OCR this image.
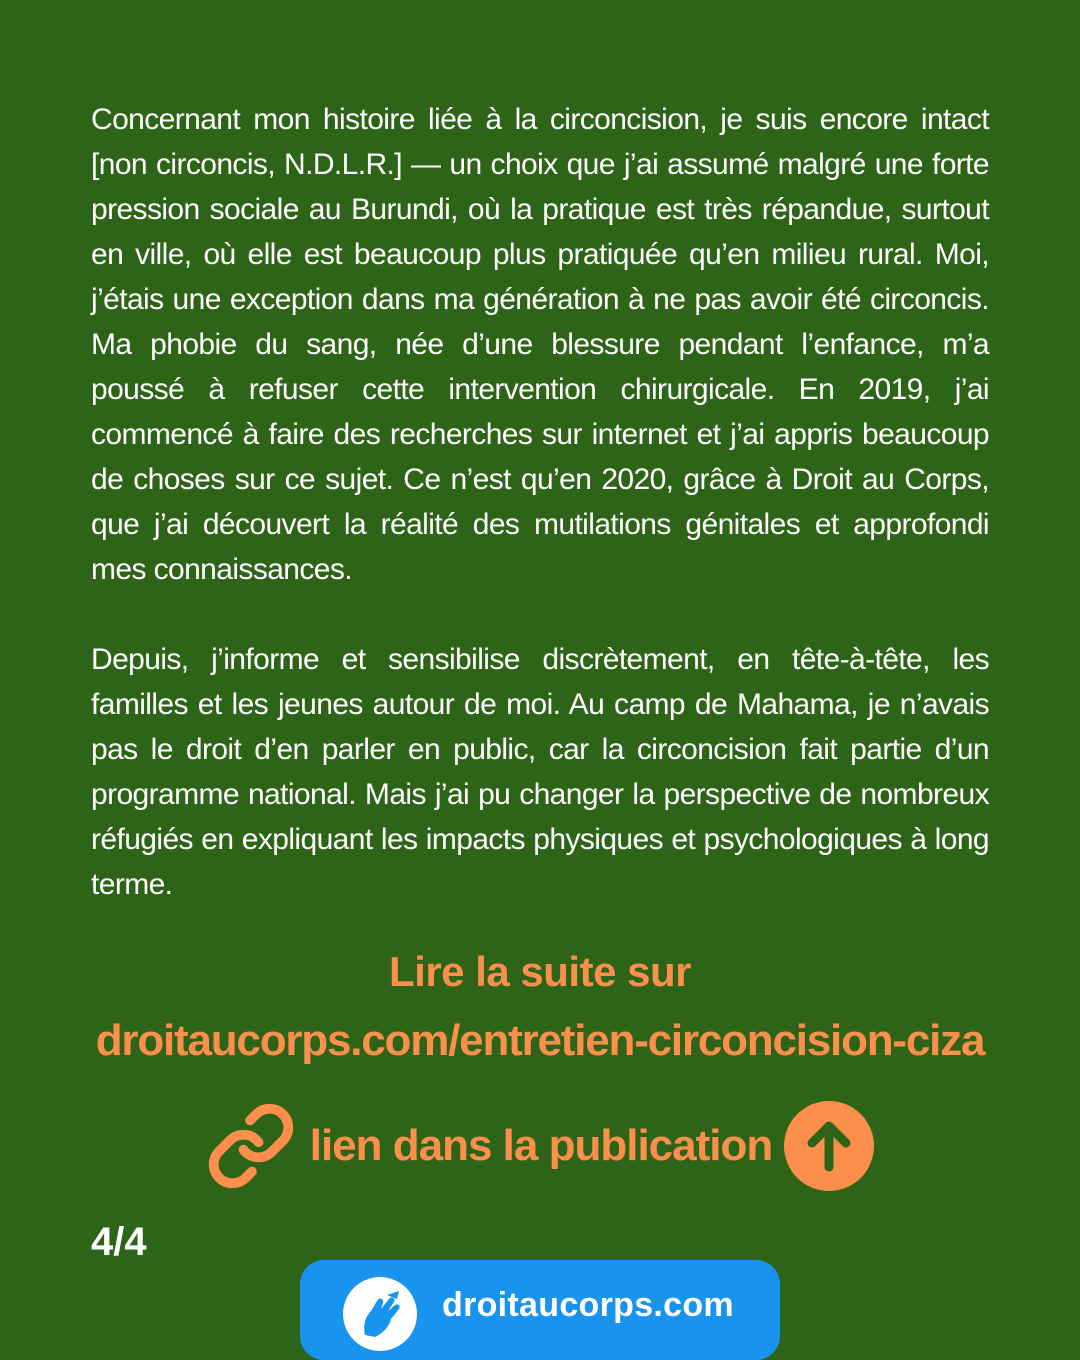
Concernant mon histoire liée à la circoncision, je suis encore intact [non circoncis, N.D.L.R.] — un choix que j’ai assumé malgré une forte pression sociale au Burundi, où la pratique est très répandue, surtout en ville, où elle est beaucoup plus pratiquée qu’en milieu rural. Moi, j’étais une exception dans ma génération à ne pas avoir été circoncis. Ma phobie du sang, née d’une blessure pendant l’enfance, m’a poussé à refuser cette intervention chirurgicale. En 2019, j’ai commencé à faire des recherches sur internet et j’ai appris beaucoup de choses sur ce sujet. Ce n’est qu’en 2020, grâce à Droit au Corps, que j’ai découvert la réalité des mutilations génitales et approfondi mes connaissances.

Depuis, j’informe et sensibilise discrètement, en tête-à-tête, les familles et les jeunes autour de moi. Au camp de Mahama, je n’avais pas le droit d’en parler en public, car la circoncision fait partie d’un programme national. Mais j’ai pu changer la perspective de nombreux réfugiés en expliquant les impacts physiques et psychologiques à long terme.

Lire la suite sur
droitaucorps.com/entretien-circoncision-ciza
lien dans la publication
4/4
droitaucorps.com
